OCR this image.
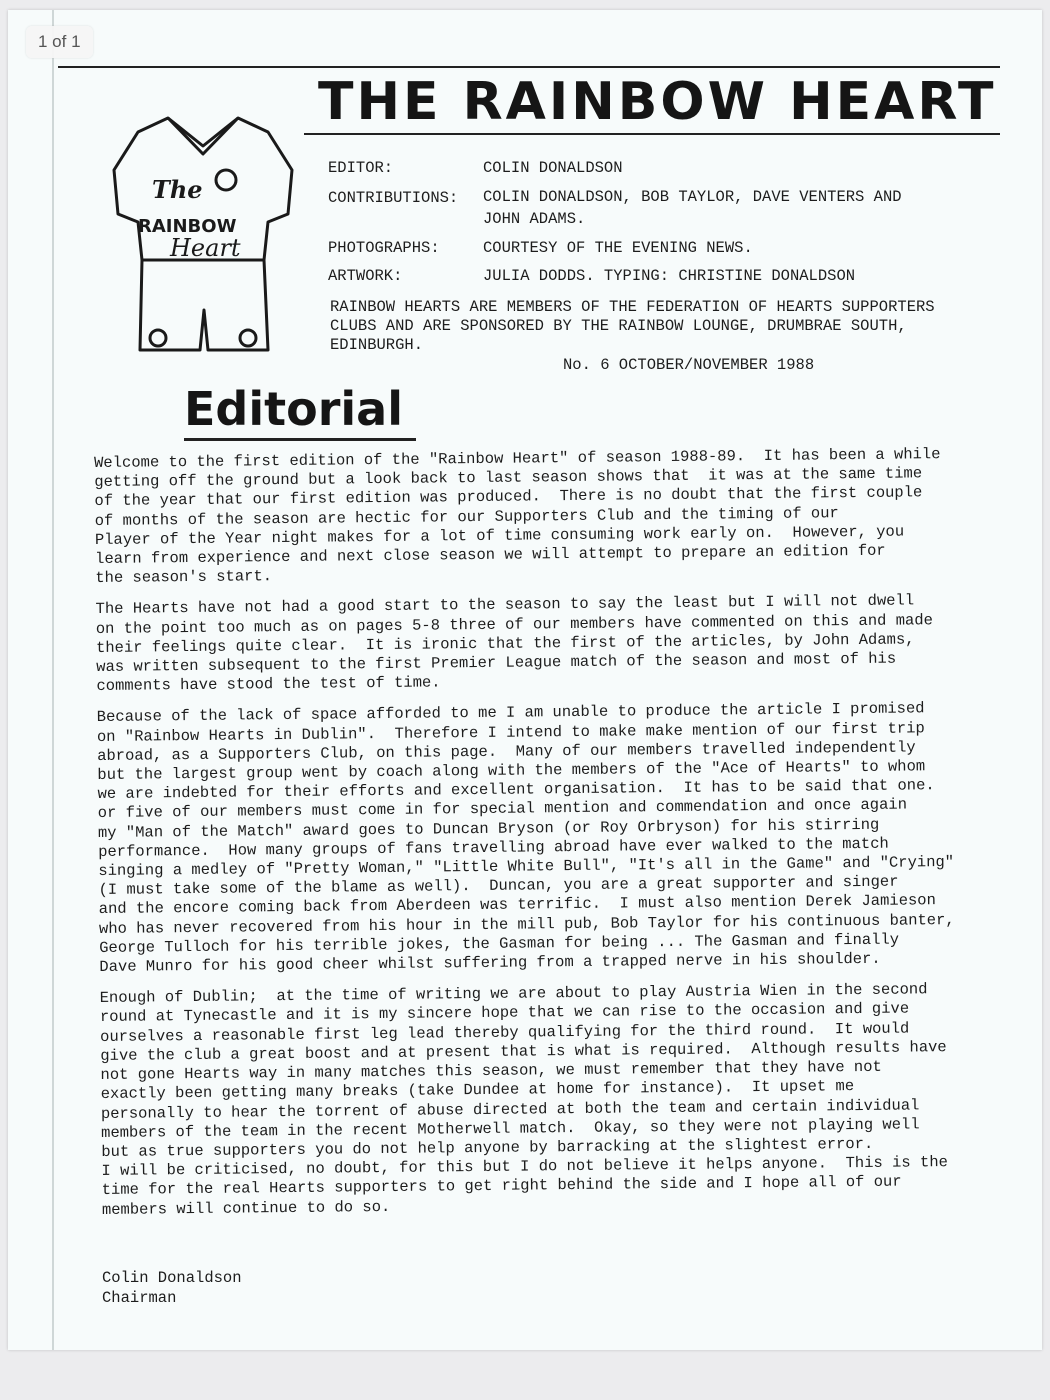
1 of 1
THE RAINBOW HEART
The
RAINBOW
Heart
EDITOR:	COLIN DONALDSON
CONTRIBUTIONS: COLIN DONALDSON, BOB TAYLOR, DAVE VENTERS AND
JOHN ADAMS.
PHOTOGRAPHS:	COURTESY OF THE EVENING NEWS.
ARTWORK:	JULIA DODDS. TYPING: CHRISTINE DONALDSON
RAINBOW HEARTS ARE MEMBERS OF THE FEDERATION OF HEARTS SUPPORTERS CLUBS AND ARE SPONSORED BY THE RAINBOW LOUNGE, DRUMBRAE SOUTH, EDINBURGH.
No. 6 OCTOBER/NOVEMBER 1988
Editorial

Welcome to the first edition of the "Rainbow Heart" of season 1988-89.  It has been a while
getting off the ground but a look back to last season shows that  it was at the same time
of the year that our first edition was produced.  There is no doubt that the first couple
of months of the season are hectic for our Supporters Club and the timing of our
Player of the Year night makes for a lot of time consuming work early on.  However, you
learn from experience and next close season we will attempt to prepare an edition for
the season's start.

The Hearts have not had a good start to the season to say the least but I will not dwell
on the point too much as on pages 5-8 three of our members have commented on this and made
their feelings quite clear.  It is ironic that the first of the articles, by John Adams,
was written subsequent to the first Premier League match of the season and most of his
comments have stood the test of time.

Because of the lack of space afforded to me I am unable to produce the article I promised
on "Rainbow Hearts in Dublin".  Therefore I intend to make make mention of our first trip
abroad, as a Supporters Club, on this page.  Many of our members travelled independently
but the largest group went by coach along with the members of the "Ace of Hearts" to whom
we are indebted for their efforts and excellent organisation.  It has to be said that one.
or five of our members must come in for special mention and commendation and once again
my "Man of the Match" award goes to Duncan Bryson (or Roy Orbryson) for his stirring
performance.  How many groups of fans travelling abroad have ever walked to the match
singing a medley of "Pretty Woman," "Little White Bull", "It's all in the Game" and "Crying"
(I must take some of the blame as well).  Duncan, you are a great supporter and singer
and the encore coming back from Aberdeen was terrific.  I must also mention Derek Jamieson
who has never recovered from his hour in the mill pub, Bob Taylor for his continuous banter,
George Tulloch for his terrible jokes, the Gasman for being ... The Gasman and finally
Dave Munro for his good cheer whilst suffering from a trapped nerve in his shoulder.

Enough of Dublin;  at the time of writing we are about to play Austria Wien in the second
round at Tynecastle and it is my sincere hope that we can rise to the occasion and give
ourselves a reasonable first leg lead thereby qualifying for the third round.  It would
give the club a great boost and at present that is what is required.  Although results have
not gone Hearts way in many matches this season, we must remember that they have not
exactly been getting many breaks (take Dundee at home for instance).  It upset me
personally to hear the torrent of abuse directed at both the team and certain individual
members of the team in the recent Motherwell match.  Okay, so they were not playing well
but as true supporters you do not help anyone by barracking at the slightest error.
I will be criticised, no doubt, for this but I do not believe it helps anyone.  This is the
time for the real Hearts supporters to get right behind the side and I hope all of our
members will continue to do so.

Colin Donaldson
Chairman
